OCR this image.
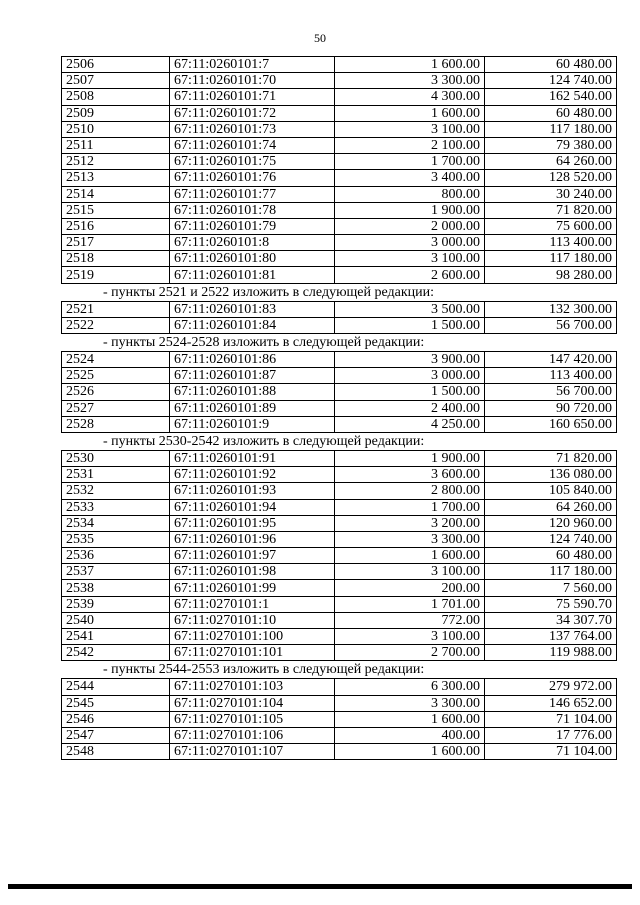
50
2506	67:11:0260101:7	1 600.00	60 480.00
2507	67:11:0260101:70	3 300.00	124 740.00
2508	67:11:0260101:71	4 300.00	162 540.00
2509	67:11:0260101:72	1 600.00	60 480.00
2510	67:11:0260101:73	3 100.00	117 180.00
2511	67:11:0260101:74	2 100.00	79 380.00
2512	67:11:0260101:75	1 700.00	64 260.00
2513	67:11:0260101:76	3 400.00	128 520.00
2514	67:11:0260101:77	800.00	30 240.00
2515	67:11:0260101:78	1 900.00	71 820.00
2516	67:11:0260101:79	2 000.00	75 600.00
2517	67:11:0260101:8	3 000.00	113 400.00
2518	67:11:0260101:80	3 100.00	117 180.00
2519	67:11:0260101:81	2 600.00	98 280.00
- пункты 2521 и 2522 изложить в следующей редакции:
2521	67:11:0260101:83	3 500.00	132 300.00
2522	67:11:0260101:84	1 500.00	56 700.00
- пункты 2524-2528 изложить в следующей редакции:
2524	67:11:0260101:86	3 900.00	147 420.00
2525	67:11:0260101:87	3 000.00	113 400.00
2526	67:11:0260101:88	1 500.00	56 700.00
2527	67:11:0260101:89	2 400.00	90 720.00
2528	67:11:0260101:9	4 250.00	160 650.00
- пункты 2530-2542 изложить в следующей редакции:
2530	67:11:0260101:91	1 900.00	71 820.00
2531	67:11:0260101:92	3 600.00	136 080.00
2532	67:11:0260101:93	2 800.00	105 840.00
2533	67:11:0260101:94	1 700.00	64 260.00
2534	67:11:0260101:95	3 200.00	120 960.00
2535	67:11:0260101:96	3 300.00	124 740.00
2536	67:11:0260101:97	1 600.00	60 480.00
2537	67:11:0260101:98	3 100.00	117 180.00
2538	67:11:0260101:99	200.00	7 560.00
2539	67:11:0270101:1	1 701.00	75 590.70
2540	67:11:0270101:10	772.00	34 307.70
2541	67:11:0270101:100	3 100.00	137 764.00
2542	67:11:0270101:101	2 700.00	119 988.00
- пункты 2544-2553 изложить в следующей редакции:
2544	67:11:0270101:103	6 300.00	279 972.00
2545	67:11:0270101:104	3 300.00	146 652.00
2546	67:11:0270101:105	1 600.00	71 104.00
2547	67:11:0270101:106	400.00	17 776.00
2548	67:11:0270101:107	1 600.00	71 104.00
